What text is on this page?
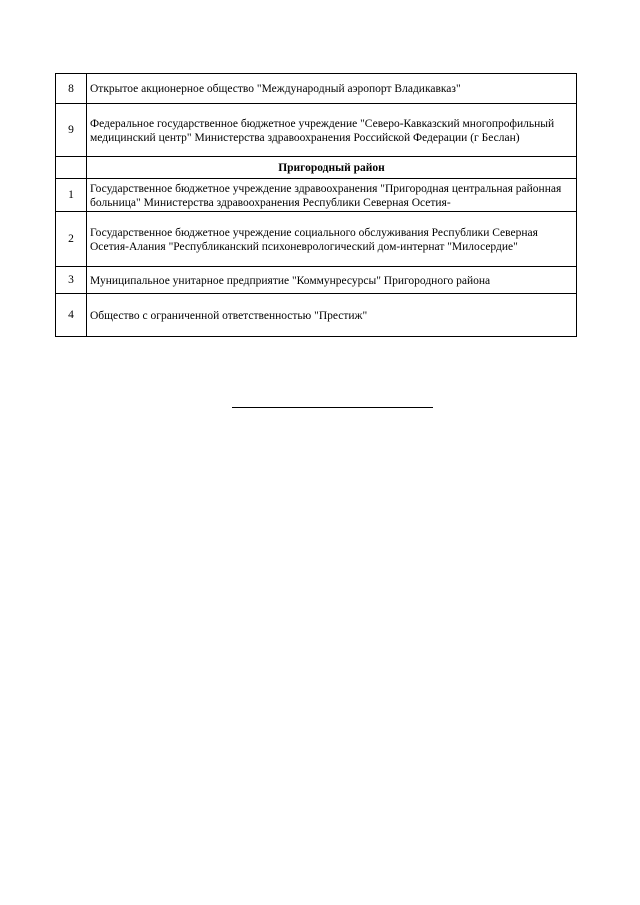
8	Открытое акционерное общество "Международный аэропорт Владикавказ"
9	Федеральное государственное бюджетное учреждение "Северо-Кавказский многопрофильный медицинский центр" Министерства здравоохранения Российской Федерации (г Беслан)
	Пригородный район
1	Государственное бюджетное учреждение здравоохранения "Пригородная центральная районная больница" Министерства здравоохранения Республики Северная Осетия-

2	Государственное бюджетное учреждение социального обслуживания Республики Северная Осетия-Алания "Республиканский психоневрологический дом-интернат "Милосердие"
3	Муниципальное унитарное предприятие "Коммунресурсы" Пригородного района
4	Общество с ограниченной ответственностью "Престиж"
